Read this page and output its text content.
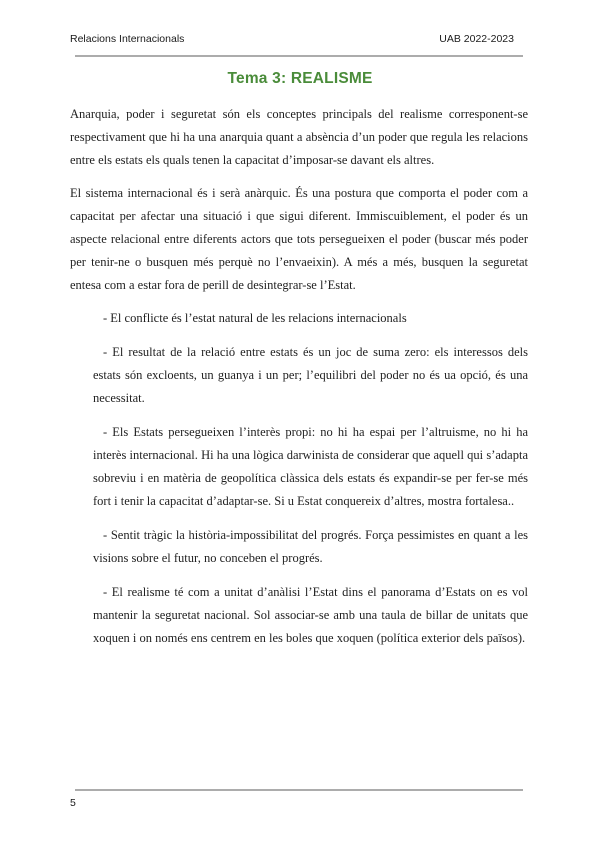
Relacions Internacionals	UAB 2022-2023
Tema 3: REALISME

Anarquia, poder i seguretat són els conceptes principals del realisme corresponent-se respectivament que hi ha una anarquia quant a absència d’un poder que regula les relacions entre els estats els quals tenen la capacitat d’imposar-se davant els altres.

El sistema internacional és i serà anàrquic. És una postura que comporta el poder com a capacitat per afectar una situació i que sigui diferent. Immiscuiblement, el poder és un aspecte relacional entre diferents actors que tots persegueixen el poder (buscar més poder per tenir-ne o busquen més perquè no l’envaeixin). A més a més, busquen la seguretat entesa com a estar fora de perill de desintegrar-se l’Estat.

- El conflicte és l’estat natural de les relacions internacionals

- El resultat de la relació entre estats és un joc de suma zero: els interessos dels estats són excloents, un guanya i un per; l’equilibri del poder no és ua opció, és una necessitat.

- Els Estats persegueixen l’interès propi: no hi ha espai per l’altruisme, no hi ha interès internacional. Hi ha una lògica darwinista de considerar que aquell qui s’adapta sobreviu i en matèria de geopolítica clàssica dels estats és expandir-se per fer-se més fort i tenir la capacitat d’adaptar-se. Si u Estat conquereix d’altres, mostra fortalesa..

- Sentit tràgic la història-impossibilitat del progrés. Força pessimistes en quant a les visions sobre el futur, no conceben el progrés.

- El realisme té com a unitat d’anàlisi l’Estat dins el panorama d’Estats on es vol mantenir la seguretat nacional. Sol associar-se amb una taula de billar de unitats que xoquen i on només ens centrem en les boles que xoquen (política exterior dels països).

5
